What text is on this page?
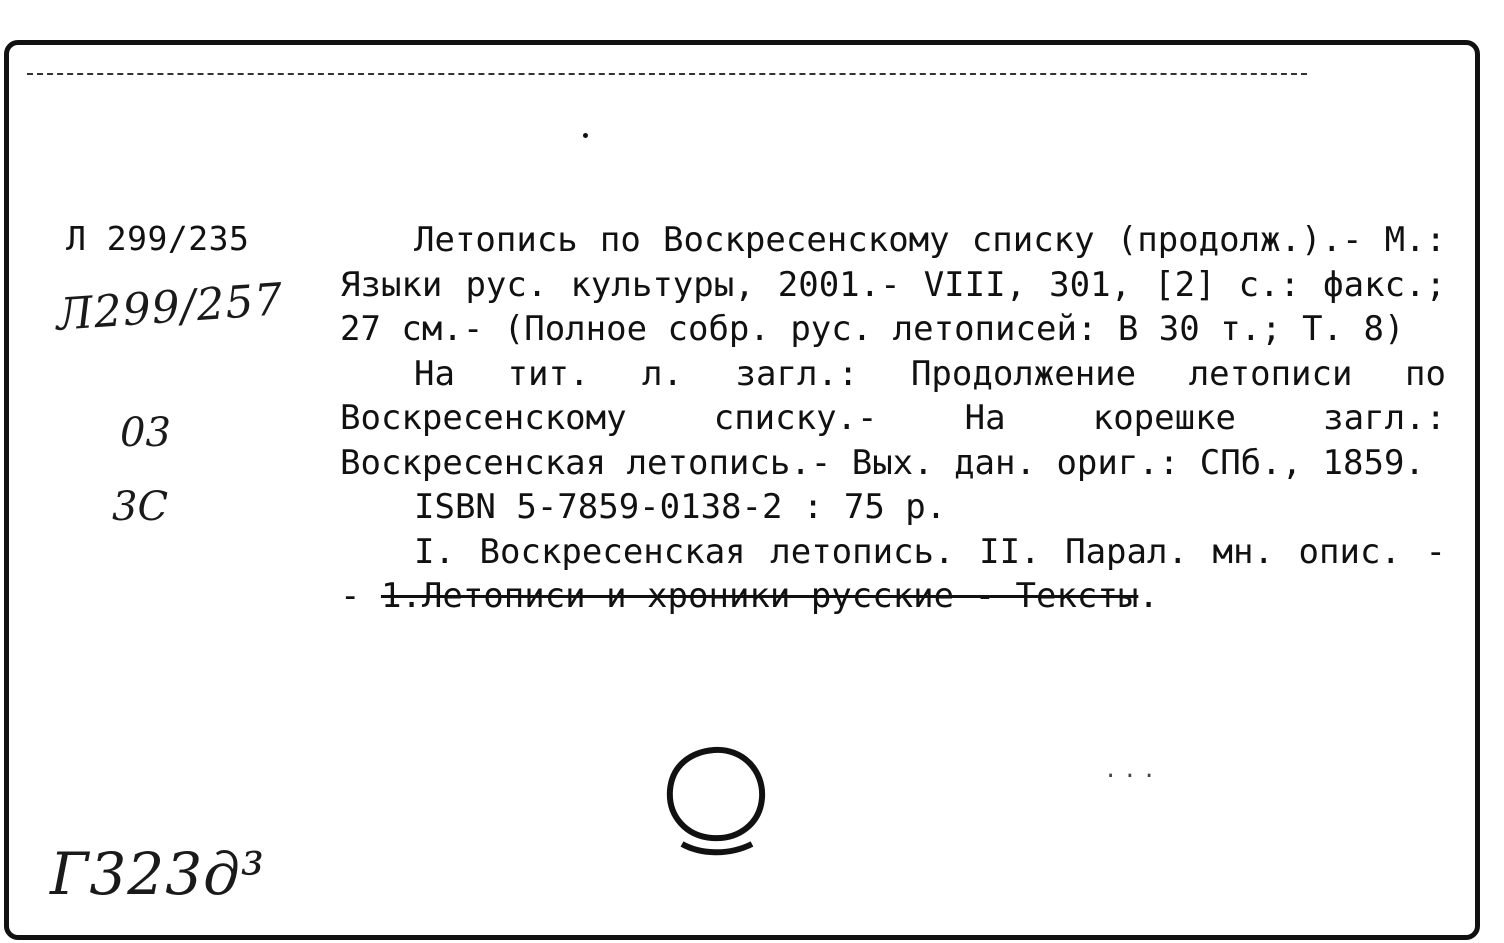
Л 299/235
Л299/257
03
3С
Г323д³

Летопись по Воскресенскому списку (продолж.).- М.: Языки рус. культуры, 2001.- VIII, 301, [2] с.: факс.; 27 см.- (Полное собр. рус. летописей: В 30 т.; Т. 8)

На тит. л. загл.: Продолжение летописи по Воскресенскому списку.- На корешке загл.: Воскресенская летопись.- Вых. дан. ориг.: СПб., 1859.

ISBN 5-7859-0138-2 : 75 р.

I. Воскресенская летопись. II. Парал. мн. опис. - - 1.Летописи и хроники русские - Тексты.

...
